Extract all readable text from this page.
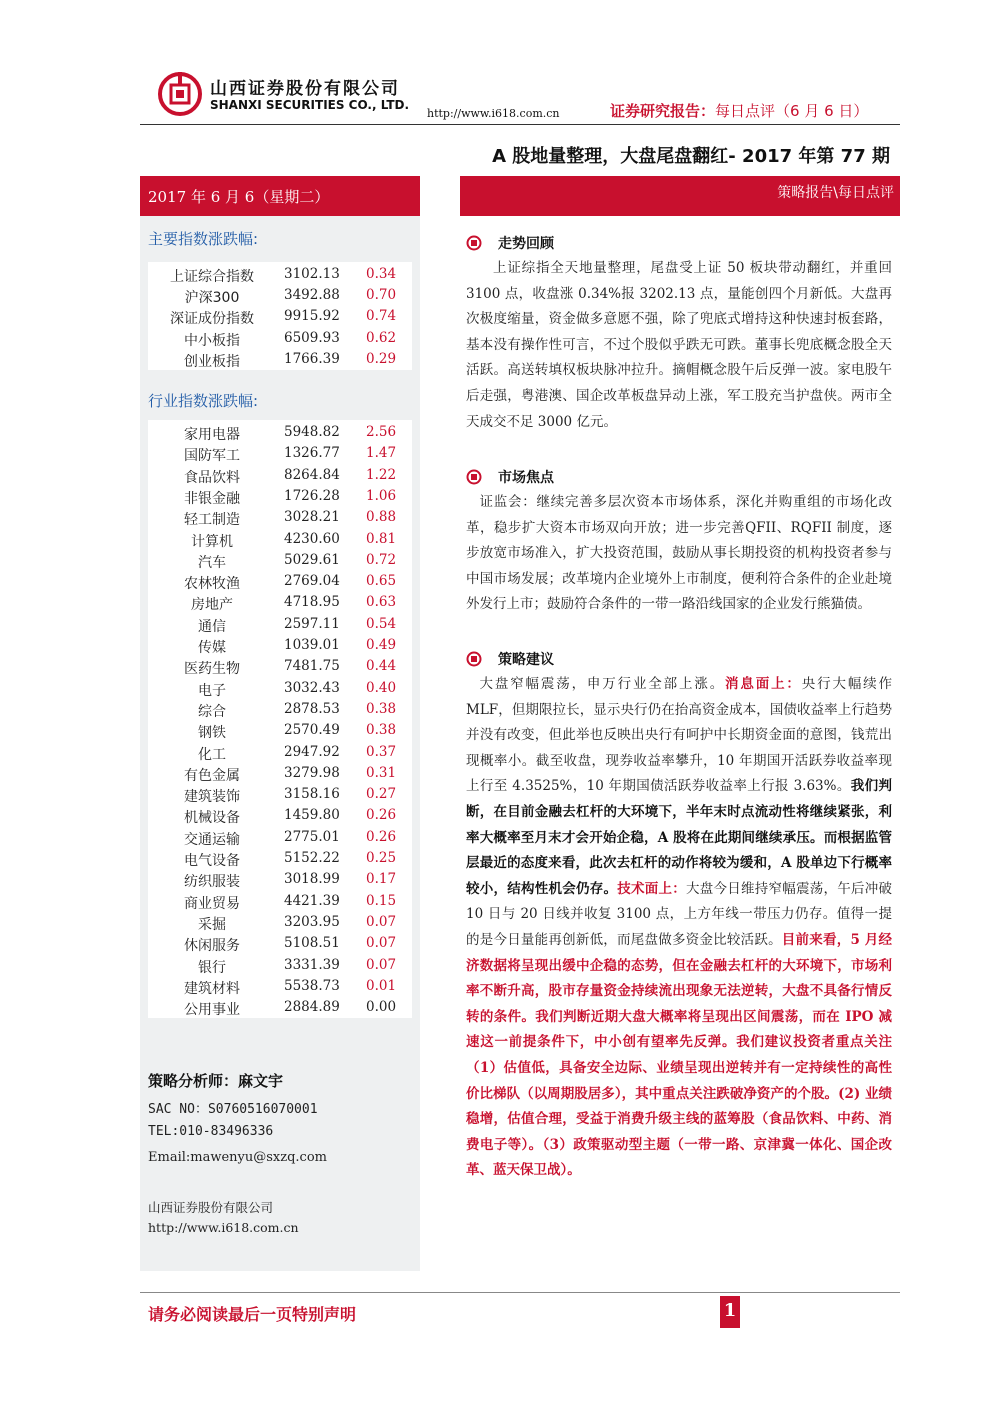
山西证券股份有限公司
SHANXI SECURITIES CO., LTD.
http://www.i618.com.cn	证券研究报告：每日点评（6 月 6 日）
A 股地量整理，大盘尾盘翻红- 2017 年第 77 期
2017 年 6 月 6（星期二）
主要指数涨跌幅:
上证综合指数	3102.13	0.34
沪深300	3492.88	0.70
深证成份指数	9915.92	0.74
中小板指	6509.93	0.62
创业板指	1766.39	0.29
行业指数涨跌幅:
家用电器	5948.82	2.56
国防军工	1326.77	1.47
食品饮料	8264.84	1.22
非银金融	1726.28	1.06
轻工制造	3028.21	0.88
计算机	4230.60	0.81
汽车	5029.61	0.72
农林牧渔	2769.04	0.65
房地产	4718.95	0.63
通信	2597.11	0.54
传媒	1039.01	0.49
医药生物	7481.75	0.44
电子	3032.43	0.40
综合	2878.53	0.38
钢铁	2570.49	0.38
化工	2947.92	0.37
有色金属	3279.98	0.31
建筑装饰	3158.16	0.27
机械设备	1459.80	0.26
交通运输	2775.01	0.26
电气设备	5152.22	0.25
纺织服装	3018.99	0.17
商业贸易	4421.39	0.15
采掘	3203.95	0.07
休闲服务	5108.51	0.07
银行	3331.39	0.07
建筑材料	5538.73	0.01
公用事业	2884.89	0.00
策略分析师：麻文宇
SAC NO：S0760516070001
TEL:010-83496336
Email:mawenyu@sxzq.com
山西证券股份有限公司
http://www.i618.com.cn
策略报告\每日点评
走势回顾
上证综指全天地量整理，尾盘受上证 50 板块带动翻红，并重回 3100 点，收盘涨 0.34%报 3202.13 点，量能创四个月新低。大盘再次极度缩量，资金做多意愿不强，除了兜底式增持这种快速封板套路，基本没有操作性可言，不过个股似乎跌无可跌。董事长兜底概念股全天活跃。高送转填权板块脉冲拉升。摘帽概念股午后反弹一波。家电股午后走强，粤港澳、国企改革板盘异动上涨，军工股充当护盘侠。两市全天成交不足 3000 亿元。
市场焦点
证监会：继续完善多层次资本市场体系，深化并购重组的市场化改革，稳步扩大资本市场双向开放；进一步完善QFII、RQFII 制度，逐步放宽市场准入，扩大投资范围，鼓励从事长期投资的机构投资者参与中国市场发展；改革境内企业境外上市制度，便利符合条件的企业赴境外发行上市；鼓励符合条件的一带一路沿线国家的企业发行熊猫债。
策略建议
大盘窄幅震荡，申万行业全部上涨。消息面上：央行大幅续作 MLF，但期限拉长，显示央行仍在抬高资金成本，国债收益率上行趋势并没有改变，但此举也反映出央行有呵护中长期资金面的意图，钱荒出现概率小。截至收盘，现券收益率攀升，10 年期国开活跃券收益率现上行至 4.3525%，10 年期国债活跃券收益率上行报 3.63%。我们判断，在目前金融去杠杆的大环境下，半年末时点流动性将继续紧张，利率大概率至月末才会开始企稳，A 股将在此期间继续承压。而根据监管层最近的态度来看，此次去杠杆的动作将较为缓和，A 股单边下行概率较小，结构性机会仍存。技术面上：大盘今日维持窄幅震荡，午后冲破 10 日与 20 日线并收复 3100 点，上方年线一带压力仍存。值得一提的是今日量能再创新低，而尾盘做多资金比较活跃。目前来看，5 月经济数据将呈现出缓中企稳的态势，但在金融去杠杆的大环境下，市场利率不断升高，股市存量资金持续流出现象无法逆转，大盘不具备行情反转的条件。我们判断近期大盘大概率将呈现出区间震荡，而在 IPO 减速这一前提条件下，中小创有望率先反弹。我们建议投资者重点关注（1）估值低，具备安全边际、业绩呈现出逆转并有一定持续性的高性价比梯队（以周期股居多），其中重点关注跌破净资产的个股。(2) 业绩稳增，估值合理，受益于消费升级主线的蓝筹股（食品饮料、中药、消费电子等）。（3）政策驱动型主题（一带一路、京津冀一体化、国企改革、蓝天保卫战）。
请务必阅读最后一页特别声明	1
